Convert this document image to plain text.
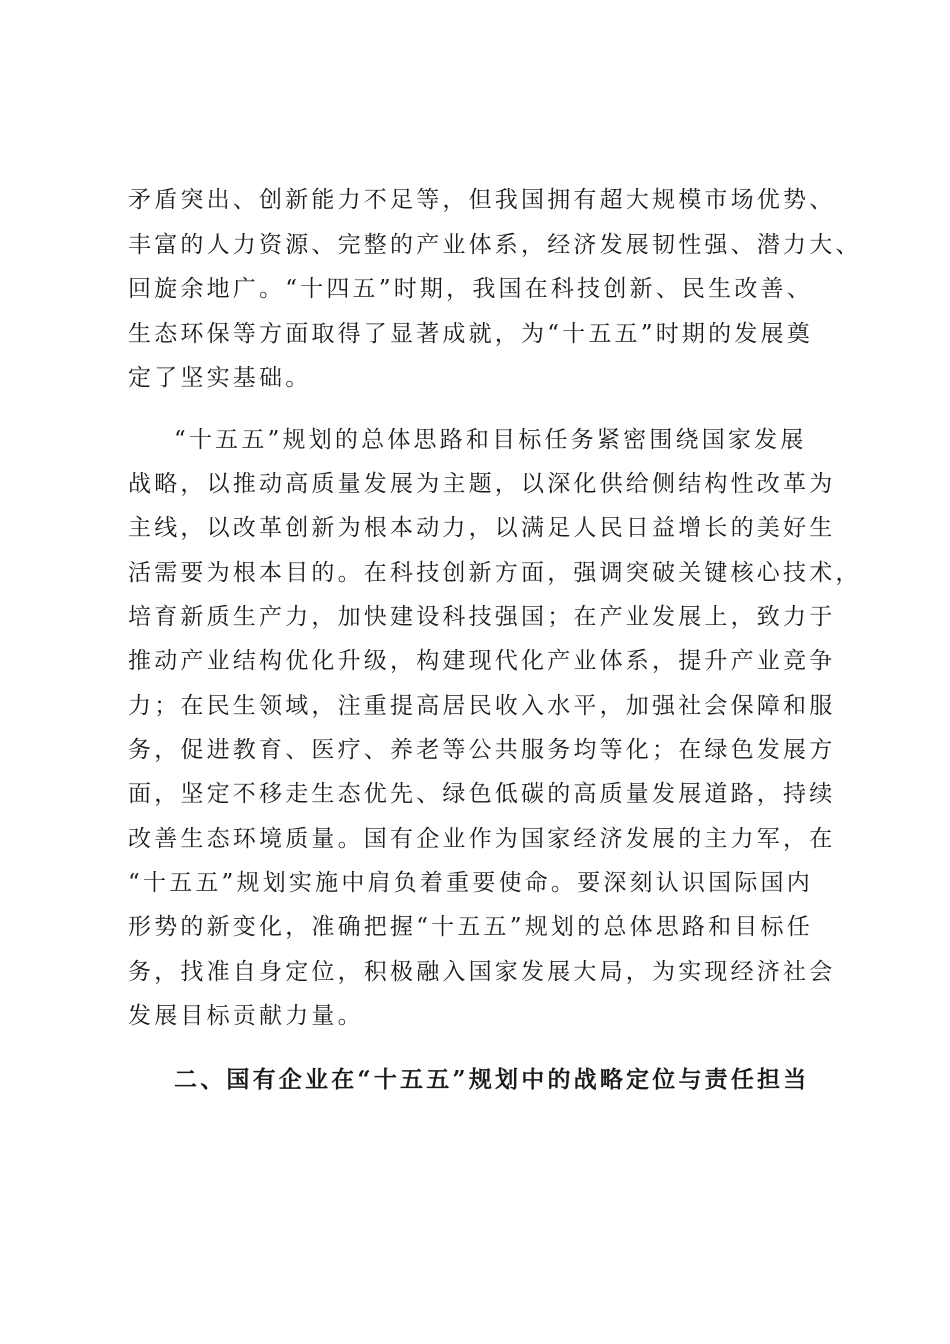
矛盾突出、创新能力不足等，但我国拥有超大规模市场优势、
丰富的人力资源、完整的产业体系，经济发展韧性强、潜力大、
回旋余地广。“十四五”时期，我国在科技创新、民生改善、
生态环保等方面取得了显著成就，为“十五五”时期的发展奠
定了坚实基础。
“十五五”规划的总体思路和目标任务紧密围绕国家发展
战略，以推动高质量发展为主题，以深化供给侧结构性改革为
主线，以改革创新为根本动力，以满足人民日益增长的美好生
活需要为根本目的。在科技创新方面，强调突破关键核心技术，
培育新质生产力，加快建设科技强国；在产业发展上，致力于
推动产业结构优化升级，构建现代化产业体系，提升产业竞争
力；在民生领域，注重提高居民收入水平，加强社会保障和服
务，促进教育、医疗、养老等公共服务均等化；在绿色发展方
面，坚定不移走生态优先、绿色低碳的高质量发展道路，持续
改善生态环境质量。国有企业作为国家经济发展的主力军，在
“十五五”规划实施中肩负着重要使命。要深刻认识国际国内
形势的新变化，准确把握“十五五”规划的总体思路和目标任
务，找准自身定位，积极融入国家发展大局，为实现经济社会
发展目标贡献力量。
二、国有企业在“十五五”规划中的战略定位与责任担当
